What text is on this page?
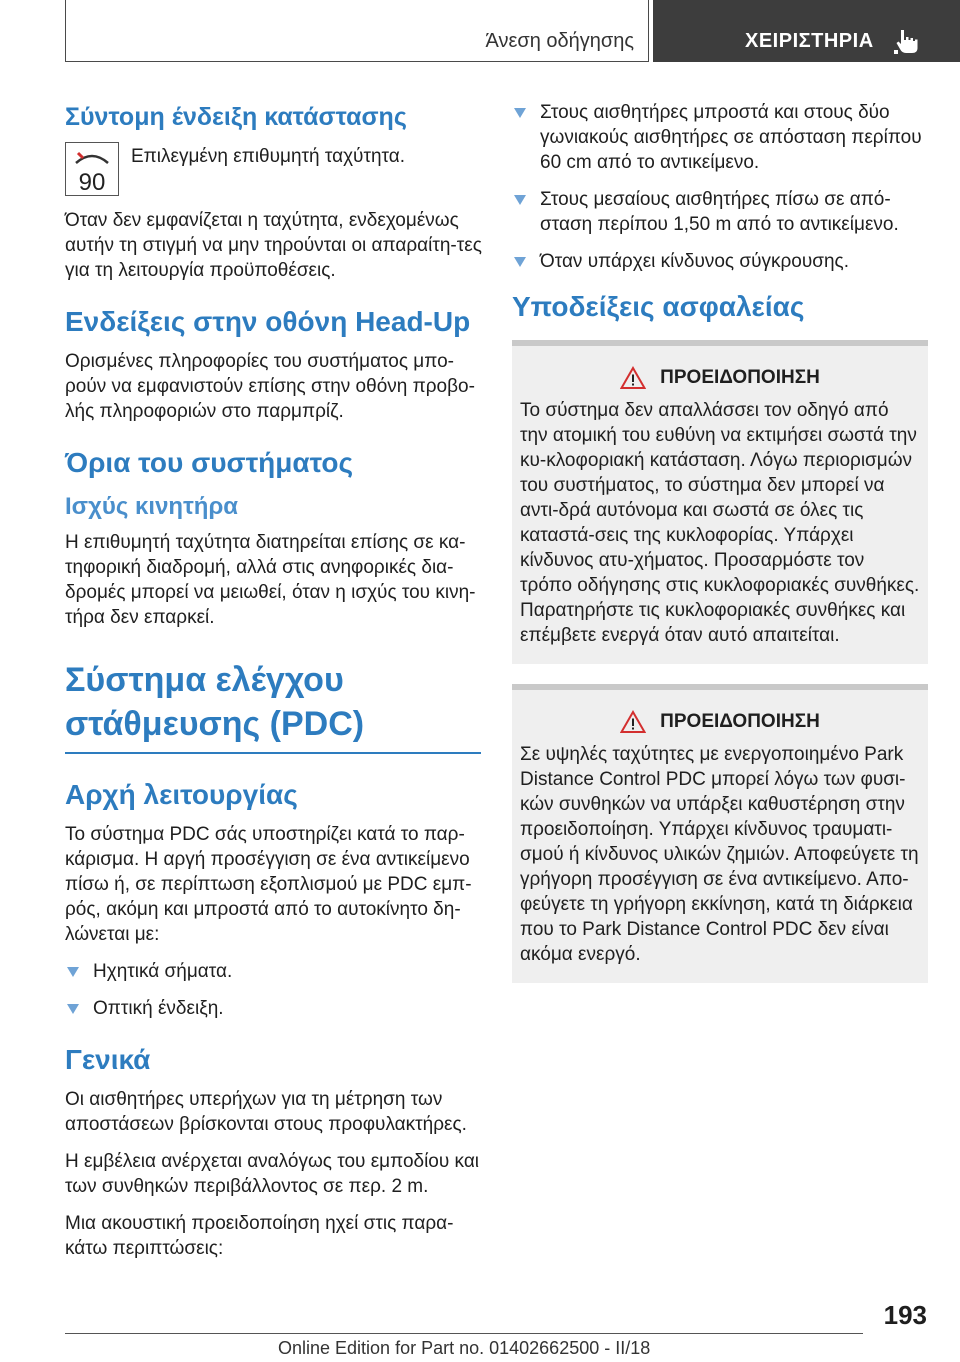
Άνεση οδήγησης	ΧΕΙΡΙΣΤΗΡΙΑ
Σύντομη ένδειξη κατάστασης
90
Επιλεγμένη επιθυμητή ταχύτητα.

Όταν δεν εμφανίζεται η ταχύτητα, ενδεχομένως αυτήν τη στιγμή να μην τηρούνται οι απαραίτη-τες για τη λειτουργία προϋποθέσεις.

Ενδείξεις στην οθόνη Head-Up

Ορισμένες πληροφορίες του συστήματος μπο-ρούν να εμφανιστούν επίσης στην οθόνη προβο-λής πληροφοριών στο παρμπρίζ.

Όρια του συστήματος
Ισχύς κινητήρα

Η επιθυμητή ταχύτητα διατηρείται επίσης σε κα-τηφορική διαδρομή, αλλά στις ανηφορικές δια-δρομές μπορεί να μειωθεί, όταν η ισχύς του κινη-τήρα δεν επαρκεί.

Σύστημα ελέγχου
στάθμευσης (PDC)
Αρχή λειτουργίας

Το σύστημα PDC σάς υποστηρίζει κατά το παρ-κάρισμα. Η αργή προσέγγιση σε ένα αντικείμενο πίσω ή, σε περίπτωση εξοπλισμού με PDC εμπ-ρός, ακόμη και μπροστά από το αυτοκίνητο δη-λώνεται με:

Ηχητικά σήματα.
Οπτική ένδειξη.
Γενικά

Οι αισθητήρες υπερήχων για τη μέτρηση των αποστάσεων βρίσκονται στους προφυλακτήρες.

Η εμβέλεια ανέρχεται αναλόγως του εμποδίου και των συνθηκών περιβάλλοντος σε περ. 2 m.

Μια ακουστική προειδοποίηση ηχεί στις παρα-κάτω περιπτώσεις:

Στους αισθητήρες μπροστά και στους δύο γωνιακούς αισθητήρες σε απόσταση περίπου 60 cm από το αντικείμενο.
Στους μεσαίους αισθητήρες πίσω σε από-σταση περίπου 1,50 m από το αντικείμενο.
Όταν υπάρχει κίνδυνος σύγκρουσης.
Υποδείξεις ασφαλείας
ΠΡΟΕΙΔΟΠΟΙΗΣΗ

Το σύστημα δεν απαλλάσσει τον οδηγό από την ατομική του ευθύνη να εκτιμήσει σωστά την κυ-κλοφοριακή κατάσταση. Λόγω περιορισμών του συστήματος, το σύστημα δεν μπορεί να αντι-δρά αυτόνομα και σωστά σε όλες τις καταστά-σεις της κυκλοφορίας. Υπάρχει κίνδυνος ατυ-χήματος. Προσαρμόστε τον τρόπο οδήγησης στις κυκλοφοριακές συνθήκες. Παρατηρήστε τις κυκλοφοριακές συνθήκες και επέμβετε ενεργά όταν αυτό απαιτείται.

ΠΡΟΕΙΔΟΠΟΙΗΣΗ

Σε υψηλές ταχύτητες με ενεργοποιημένο Park Distance Control PDC μπορεί λόγω των φυσι-κών συνθηκών να υπάρξει καθυστέρηση στην προειδοποίηση. Υπάρχει κίνδυνος τραυματι-σμού ή κίνδυνος υλικών ζημιών. Αποφεύγετε τη γρήγορη προσέγγιση σε ένα αντικείμενο. Απο-φεύγετε τη γρήγορη εκκίνηση, κατά τη διάρκεια που το Park Distance Control PDC δεν είναι ακόμα ενεργό.

193
Online Edition for Part no. 01402662500 - II/18
